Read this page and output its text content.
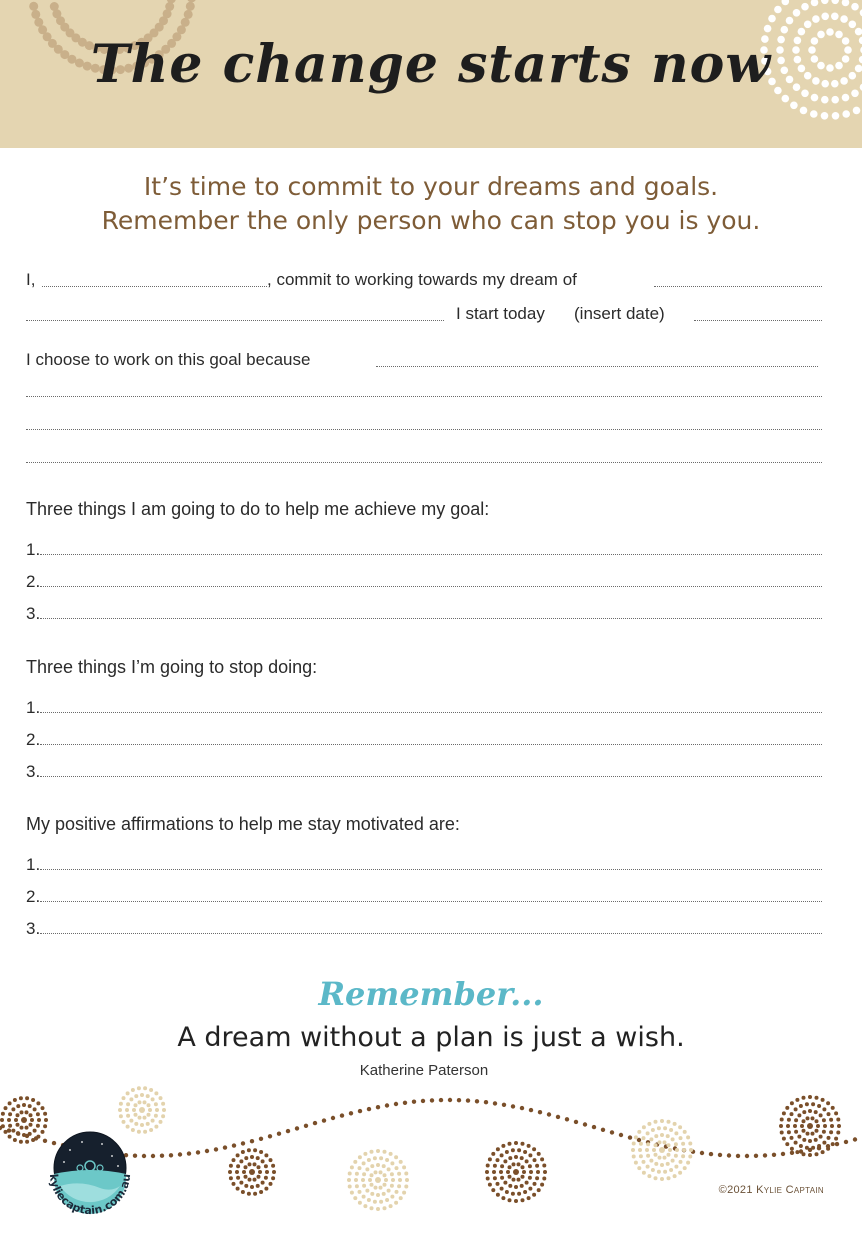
The change starts now
It’s time to commit to your dreams and goals.
Remember the only person who can stop you is you.
I,	, commit to working towards my dream of
I start today (insert date)
I choose to work on this goal because
Three things I am going to do to help me achieve my goal:
1.
2.
3.
Three things I’m going to stop doing:
1.
2.
3.
My positive affirmations to help me stay motivated are:
1.
2.
3.
Remember...
A dream without a plan is just a wish.
Katherine Paterson
kyliecaptain.com.au
©2021 Kylie Captain
